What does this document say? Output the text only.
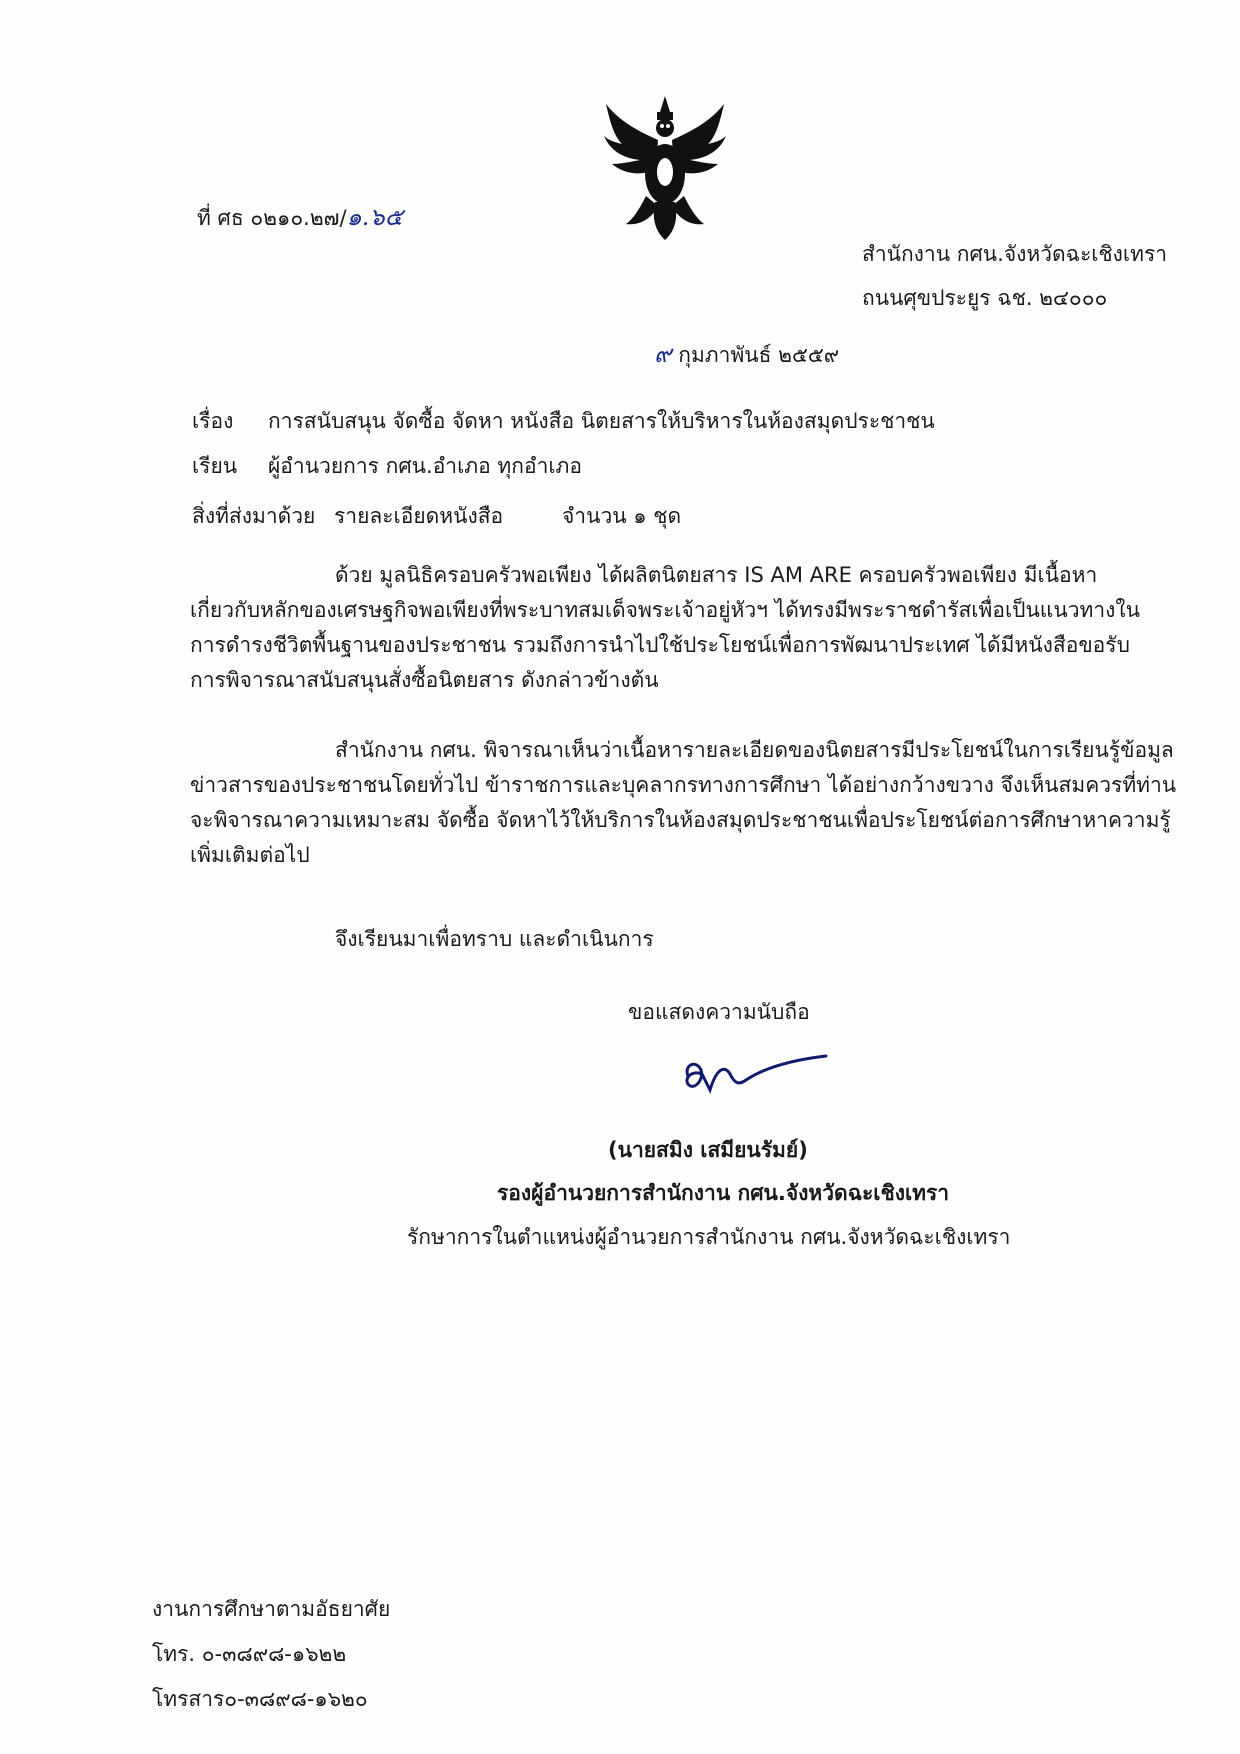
ที่ ศธ ๐๒๑๐.๒๗/๑.๖๕
สำนักงาน กศน.จังหวัดฉะเชิงเทรา
ถนนศุขประยูร ฉช. ๒๔๐๐๐
๙ กุมภาพันธ์ ๒๕๕๙
เรื่อง การสนับสนุน จัดซื้อ จัดหา หนังสือ นิตยสารให้บริหารในห้องสมุดประชาชน
เรียน ผู้อำนวยการ กศน.อำเภอ ทุกอำเภอ
สิ่งที่ส่งมาด้วย รายละเอียดหนังสือ	จำนวน ๑ ชุด
ด้วย มูลนิธิครอบครัวพอเพียง ได้ผลิตนิตยสาร IS AM ARE ครอบครัวพอเพียง มีเนื้อหา
เกี่ยวกับหลักของเศรษฐกิจพอเพียงที่พระบาทสมเด็จพระเจ้าอยู่หัวฯ ได้ทรงมีพระราชดำรัสเพื่อเป็นแนวทางใน
การดำรงชีวิตพื้นฐานของประชาชน รวมถึงการนำไปใช้ประโยชน์เพื่อการพัฒนาประเทศ ได้มีหนังสือขอรับ
การพิจารณาสนับสนุนสั่งซื้อนิตยสาร ดังกล่าวข้างต้น
สำนักงาน กศน. พิจารณาเห็นว่าเนื้อหารายละเอียดของนิตยสารมีประโยชน์ในการเรียนรู้ข้อมูล
ข่าวสารของประชาชนโดยทั่วไป ข้าราชการและบุคลากรทางการศึกษา ได้อย่างกว้างขวาง จึงเห็นสมควรที่ท่าน
จะพิจารณาความเหมาะสม จัดซื้อ จัดหาไว้ให้บริการในห้องสมุดประชาชนเพื่อประโยชน์ต่อการศึกษาหาความรู้
เพิ่มเติมต่อไป
จึงเรียนมาเพื่อทราบ และดำเนินการ
ขอแสดงความนับถือ
(นายสมิง เสมียนรัมย์)
รองผู้อำนวยการสำนักงาน กศน.จังหวัดฉะเชิงเทรา
รักษาการในตำแหน่งผู้อำนวยการสำนักงาน กศน.จังหวัดฉะเชิงเทรา
งานการศึกษาตามอัธยาศัย
โทร. ๐-๓๘๙๘-๑๖๒๒
โทรสาร๐-๓๘๙๘-๑๖๒๐
